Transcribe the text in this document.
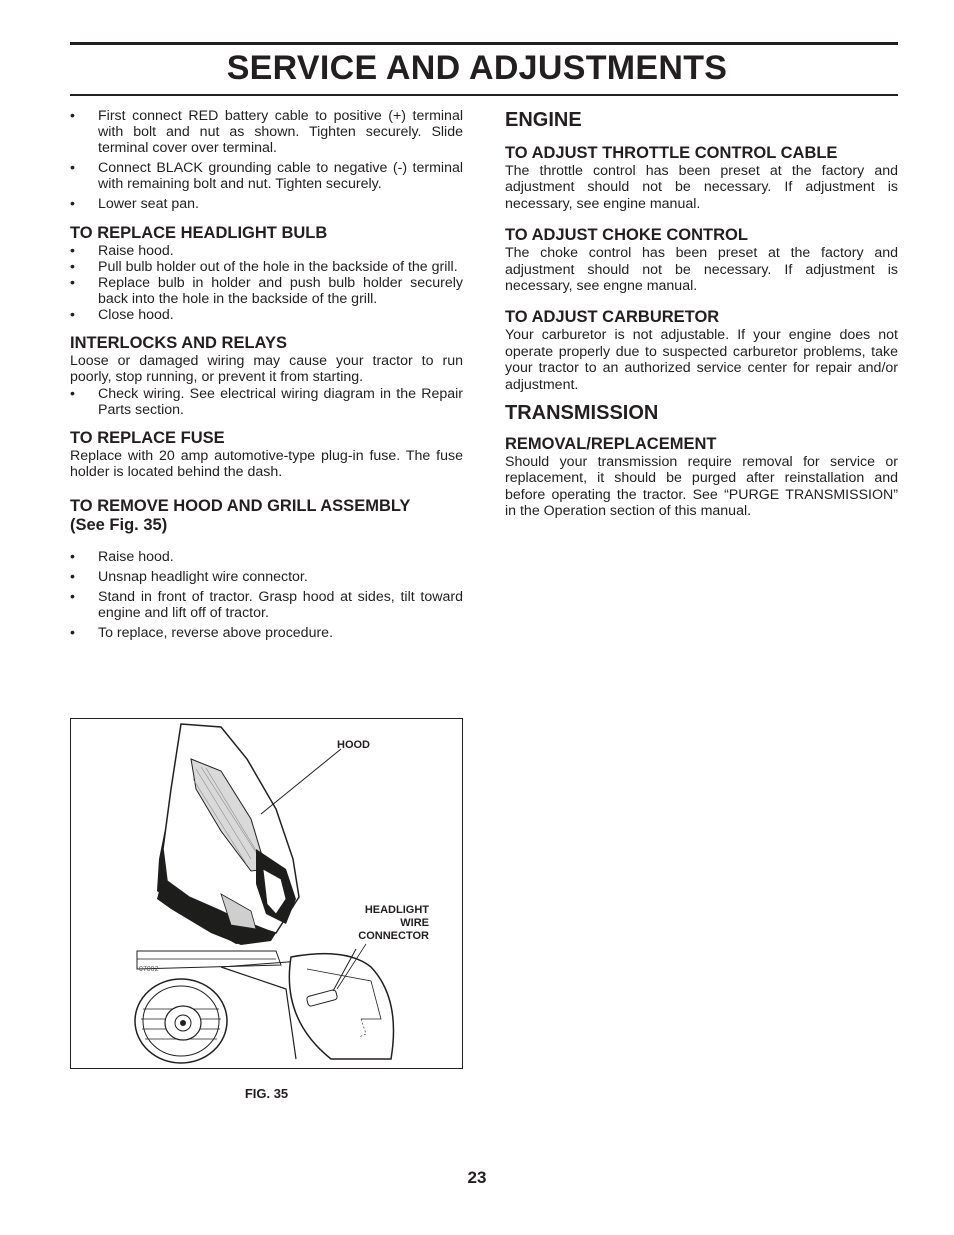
SERVICE AND ADJUSTMENTS
• First connect RED battery cable to positive (+) terminal with bolt and nut as shown. Tighten securely. Slide terminal cover over terminal.
• Connect BLACK grounding cable to negative (-) terminal with remaining bolt and nut. Tighten securely.
• Lower seat pan.
TO REPLACE HEADLIGHT BULB
• Raise hood.
• Pull bulb holder out of the hole in the backside of the grill.
• Replace bulb in holder and push bulb holder securely back into the hole in the backside of the grill.
• Close hood.
INTERLOCKS AND RELAYS

Loose or damaged wiring may cause your tractor to run poorly, stop running, or prevent it from starting.

• Check wiring. See electrical wiring diagram in the Repair Parts section.
TO REPLACE FUSE

Replace with 20 amp automotive-type plug-in fuse. The fuse holder is located behind the dash.

TO REMOVE HOOD AND GRILL ASSEMBLY
(See Fig. 35)
• Raise hood.
• Unsnap headlight wire connector.
• Stand in front of tractor. Grasp hood at sides, tilt toward engine and lift off of tractor.
• To replace, reverse above procedure.
ENGINE
TO ADJUST THROTTLE CONTROL CABLE

The throttle control has been preset at the factory and adjustment should not be necessary. If adjustment is necessary, see engine manual.

TO ADJUST CHOKE CONTROL

The choke control has been preset at the factory and adjustment should not be necessary. If adjustment is necessary, see engne manual.

TO ADJUST CARBURETOR

Your carburetor is not adjustable. If your engine does not operate properly due to suspected carburetor problems, take your tractor to an authorized service center for repair and/or adjustment.

TRANSMISSION
REMOVAL/REPLACEMENT

Should your transmission require removal for service or replacement, it should be purged after reinstallation and before operating the tractor. See “PURGE TRANSMISSION” in the Operation section of this manual.

HOOD
HEADLIGHT
WIRE
CONNECTOR
07002
FIG. 35
23
